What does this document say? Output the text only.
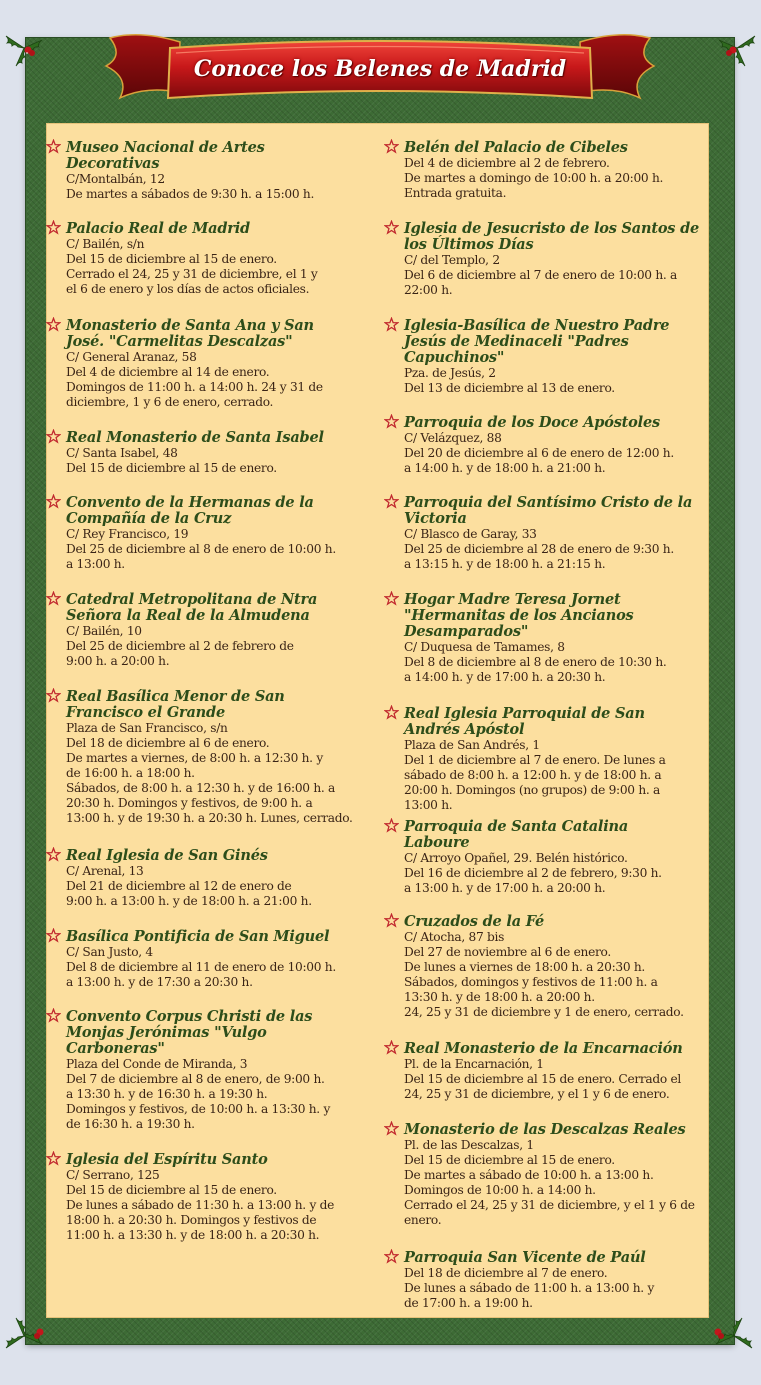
Conoce los Belenes de Madrid
Museo Nacional de Artes
Decorativas
C/Montalbán, 12
De martes a sábados de 9:30 h. a 15:00 h.
Palacio Real de Madrid
C/ Bailén, s/n
Del 15 de diciembre al 15 de enero.
Cerrado el 24, 25 y 31 de diciembre, el 1 y
el 6 de enero y los días de actos oficiales.
Monasterio de Santa Ana y San
José. "Carmelitas Descalzas"
C/ General Aranaz, 58
Del 4 de diciembre al 14 de enero.
Domingos de 11:00 h. a 14:00 h. 24 y 31 de
diciembre, 1 y 6 de enero, cerrado.
Real Monasterio de Santa Isabel
C/ Santa Isabel, 48
Del 15 de diciembre al 15 de enero.
Convento de la Hermanas de la
Compañía de la Cruz
C/ Rey Francisco, 19
Del 25 de diciembre al 8 de enero de 10:00 h.
a 13:00 h.
Catedral Metropolitana de Ntra
Señora la Real de la Almudena
C/ Bailén, 10
Del 25 de diciembre al 2 de febrero de
9:00 h. a 20:00 h.
Real Basílica Menor de San
Francisco el Grande
Plaza de San Francisco, s/n
Del 18 de diciembre al 6 de enero.
De martes a viernes, de 8:00 h. a 12:30 h. y
de 16:00 h. a 18:00 h.
Sábados, de 8:00 h. a 12:30 h. y de 16:00 h. a
20:30 h. Domingos y festivos, de 9:00 h. a
13:00 h. y de 19:30 h. a 20:30 h. Lunes, cerrado.
Real Iglesia de San Ginés
C/ Arenal, 13
Del 21 de diciembre al 12 de enero de
9:00 h. a 13:00 h. y de 18:00 h. a 21:00 h.
Basílica Pontificia de San Miguel
C/ San Justo, 4
Del 8 de diciembre al 11 de enero de 10:00 h.
a 13:00 h. y de 17:30 a 20:30 h.
Convento Corpus Christi de las
Monjas Jerónimas "Vulgo
Carboneras"
Plaza del Conde de Miranda, 3
Del 7 de diciembre al 8 de enero, de 9:00 h.
a 13:30 h. y de 16:30 h. a 19:30 h.
Domingos y festivos, de 10:00 h. a 13:30 h. y
de 16:30 h. a 19:30 h.
Iglesia del Espíritu Santo
C/ Serrano, 125
Del 15 de diciembre al 15 de enero.
De lunes a sábado de 11:30 h. a 13:00 h. y de
18:00 h. a 20:30 h. Domingos y festivos de
11:00 h. a 13:30 h. y de 18:00 h. a 20:30 h.
Belén del Palacio de Cibeles
Del 4 de diciembre al 2 de febrero.
De martes a domingo de 10:00 h. a 20:00 h.
Entrada gratuita.
Iglesia de Jesucristo de los Santos de
los Últimos Días
C/ del Templo, 2
Del 6 de diciembre al 7 de enero de 10:00 h. a
22:00 h.
Iglesia-Basílica de Nuestro Padre
Jesús de Medinaceli "Padres
Capuchinos"
Pza. de Jesús, 2
Del 13 de diciembre al 13 de enero.
Parroquia de los Doce Apóstoles
C/ Velázquez, 88
Del 20 de diciembre al 6 de enero de 12:00 h.
a 14:00 h. y de 18:00 h. a 21:00 h.
Parroquia del Santísimo Cristo de la
Victoria
C/ Blasco de Garay, 33
Del 25 de diciembre al 28 de enero de 9:30 h.
a 13:15 h. y de 18:00 h. a 21:15 h.
Hogar Madre Teresa Jornet
"Hermanitas de los Ancianos
Desamparados"
C/ Duquesa de Tamames, 8
Del 8 de diciembre al 8 de enero de 10:30 h.
a 14:00 h. y de 17:00 h. a 20:30 h.
Real Iglesia Parroquial de San
Andrés Apóstol
Plaza de San Andrés, 1
Del 1 de diciembre al 7 de enero. De lunes a
sábado de 8:00 h. a 12:00 h. y de 18:00 h. a
20:00 h. Domingos (no grupos) de 9:00 h. a
13:00 h.
Parroquia de Santa Catalina
Laboure
C/ Arroyo Opañel, 29. Belén histórico.
Del 16 de diciembre al 2 de febrero, 9:30 h.
a 13:00 h. y de 17:00 h. a 20:00 h.
Cruzados de la Fé
C/ Atocha, 87 bis
Del 27 de noviembre al 6 de enero.
De lunes a viernes de 18:00 h. a 20:30 h.
Sábados, domingos y festivos de 11:00 h. a
13:30 h. y de 18:00 h. a 20:00 h.
24, 25 y 31 de diciembre y 1 de enero, cerrado.
Real Monasterio de la Encarnación
Pl. de la Encarnación, 1
Del 15 de diciembre al 15 de enero. Cerrado el
24, 25 y 31 de diciembre, y el 1 y 6 de enero.
Monasterio de las Descalzas Reales
Pl. de las Descalzas, 1
Del 15 de diciembre al 15 de enero.
De martes a sábado de 10:00 h. a 13:00 h.
Domingos de 10:00 h. a 14:00 h.
Cerrado el 24, 25 y 31 de diciembre, y el 1 y 6 de
enero.
Parroquia San Vicente de Paúl
Del 18 de diciembre al 7 de enero.
De lunes a sábado de 11:00 h. a 13:00 h. y
de 17:00 h. a 19:00 h.
